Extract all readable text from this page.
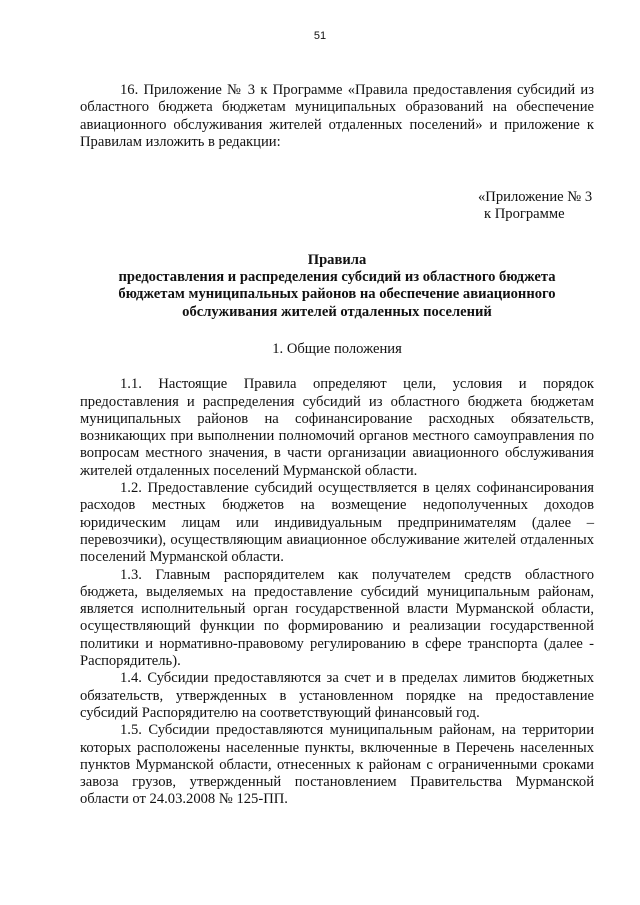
51

16. Приложение № 3 к Программе «Правила предоставления субсидий из областного бюджета бюджетам муниципальных образований на обеспечение авиационного обслуживания жителей отдаленных поселений» и приложение к Правилам изложить в редакции:

«Приложение № 3
к Программе
Правила
предоставления и распределения субсидий из областного бюджета
бюджетам муниципальных районов на обеспечение авиационного
обслуживания жителей отдаленных поселений
1. Общие положения

1.1. Настоящие Правила определяют цели, условия и порядок предоставления и распределения субсидий из областного бюджета бюджетам муниципальных районов на софинансирование расходных обязательств, возникающих при выполнении полномочий органов местного самоуправления по вопросам местного значения, в части организации авиационного обслуживания жителей отдаленных поселений Мурманской области.

1.2. Предоставление субсидий осуществляется в целях софинансирования расходов местных бюджетов на возмещение недополученных доходов юридическим лицам или индивидуальным предпринимателям (далее – перевозчики), осуществляющим авиационное обслуживание жителей отдаленных поселений Мурманской области.

1.3. Главным распорядителем как получателем средств областного бюджета, выделяемых на предоставление субсидий муниципальным районам, является исполнительный орган государственной власти Мурманской области, осуществляющий функции по формированию и реализации государственной политики и нормативно-правовому регулированию в сфере транспорта (далее - Распорядитель).

1.4. Субсидии предоставляются за счет и в пределах лимитов бюджетных обязательств, утвержденных в установленном порядке на предоставление субсидий Распорядителю на соответствующий финансовый год.

1.5. Субсидии предоставляются муниципальным районам, на территории которых расположены населенные пункты, включенные в Перечень населенных пунктов Мурманской области, отнесенных к районам с ограниченными сроками завоза грузов, утвержденный постановлением Правительства Мурманской области от 24.03.2008 № 125-ПП.
